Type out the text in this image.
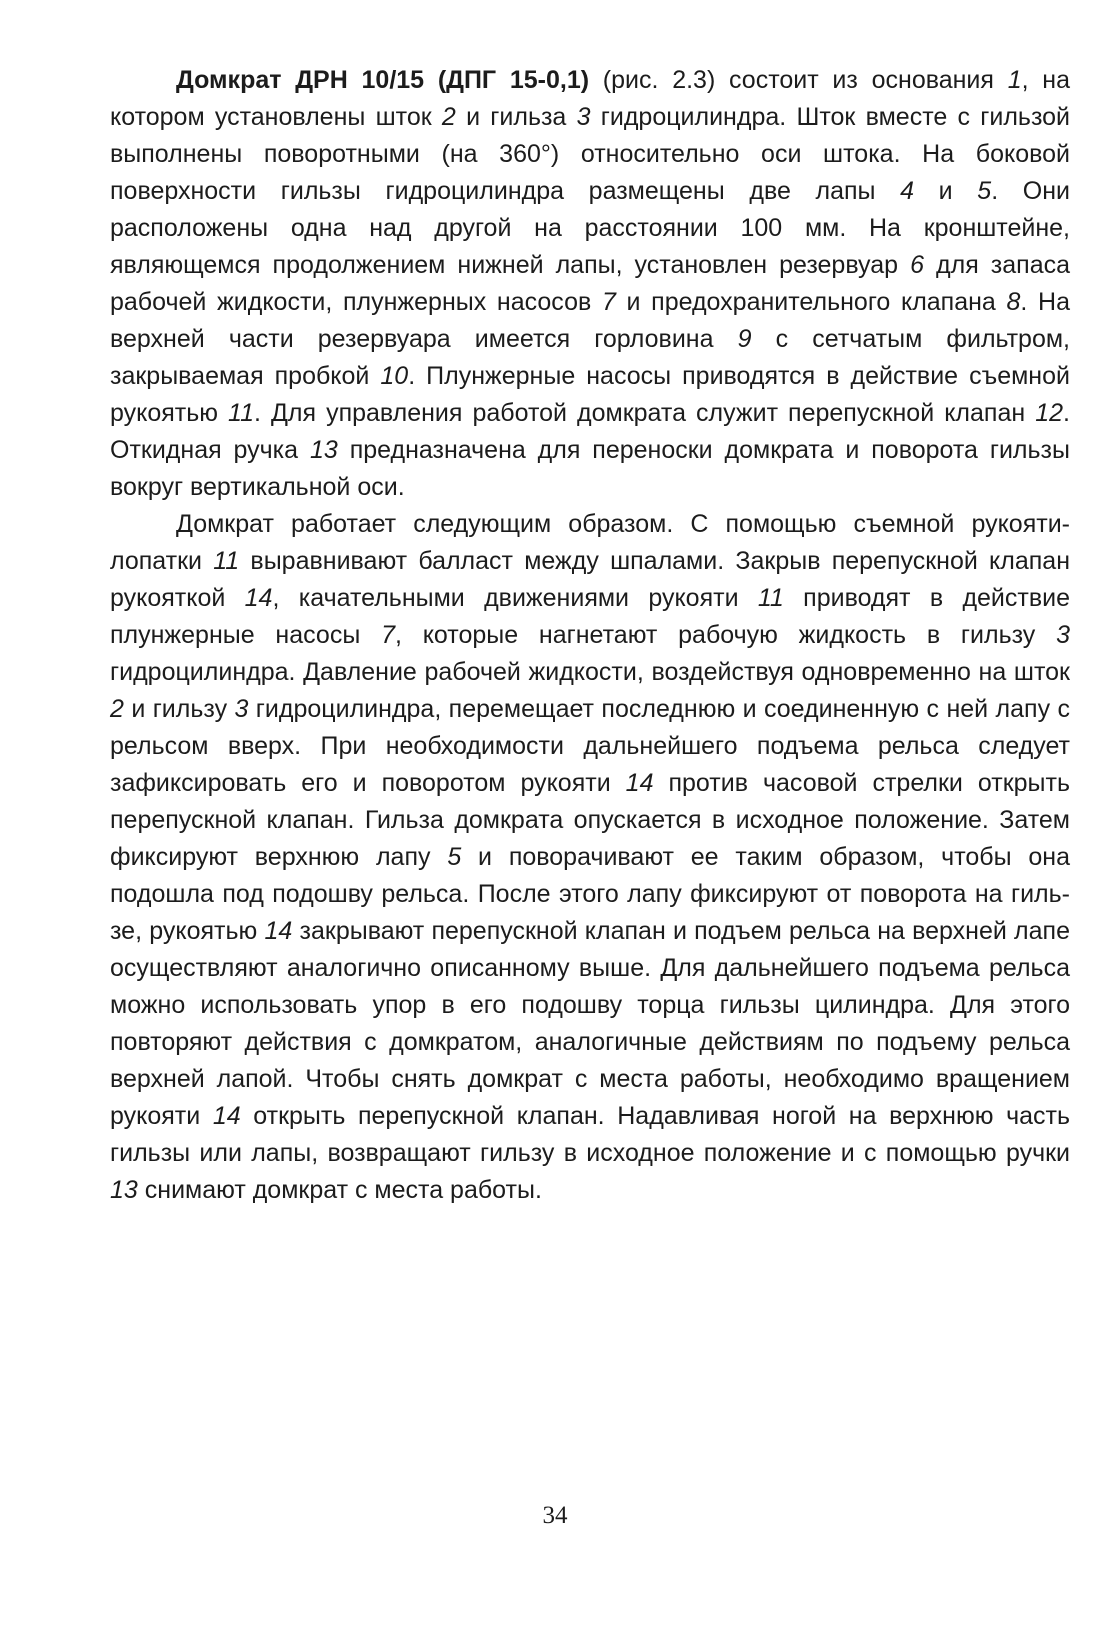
Домкрат ДРН 10/15 (ДПГ 15-0,1) (рис. 2.3) состоит из основания 1, на котором установлены шток 2 и гильза 3 гидроцилиндра. Шток вместе с гильзой выполнены поворотными (на 360°) относительно оси штока. На боковой поверхности гильзы гидроцилиндра размещены две лапы 4 и 5. Они расположены одна над другой на расстоянии 100 мм. На кронштейне, являющемся продолжением нижней лапы, установлен резервуар 6 для запаса рабочей жидкости, плунжерных насосов 7 и предохранительного клапана 8. На верхней части резервуара имеется горловина 9 с сетчатым фильтром, закрываемая пробкой 10. Плунжерные насосы приводятся в действие съемной рукоятью 11. Для управления работой домкрата служит перепускной клапан 12. Откидная ручка 13 предназначена для переноски домкрата и поворота гильзы вокруг вертикальной оси.

Домкрат работает следующим образом. С помощью съемной рукояти-лопатки 11 выравнивают балласт между шпалами. Закрыв перепускной клапан рукояткой 14, качательными движениями рукояти 11 приводят в действие плунжерные насосы 7, которые нагнетают рабочую жидкость в гильзу 3 гидроцилиндра. Давление рабочей жидкости, воздействуя одновременно на шток 2 и гильзу 3 гидроцилиндра, перемещает последнюю и соединенную с ней лапу с рельсом вверх. При необходимости дальнейшего подъема рельса следует зафиксировать его и поворотом рукояти 14 против часовой стрелки открыть перепускной клапан. Гильза домкрата опускается в исходное положение. Затем фиксируют верхнюю лапу 5 и поворачивают ее таким образом, чтобы она подошла под подошву рельса. После этого лапу фиксируют от поворота на гильзе, рукоятью 14 закрывают перепускной клапан и подъем рельса на верхней лапе осуществляют аналогично описанному выше. Для дальнейшего подъема рельса можно использовать упор в его подошву торца гильзы цилиндра. Для этого повторяют действия с домкратом, аналогичные действиям по подъему рельса верхней лапой. Чтобы снять домкрат с места работы, необходимо вращением рукояти 14 открыть перепускной клапан. Надавливая ногой на верхнюю часть гильзы или лапы, возвращают гильзу в исходное положение и с помощью ручки 13 снимают домкрат с места работы.

34
